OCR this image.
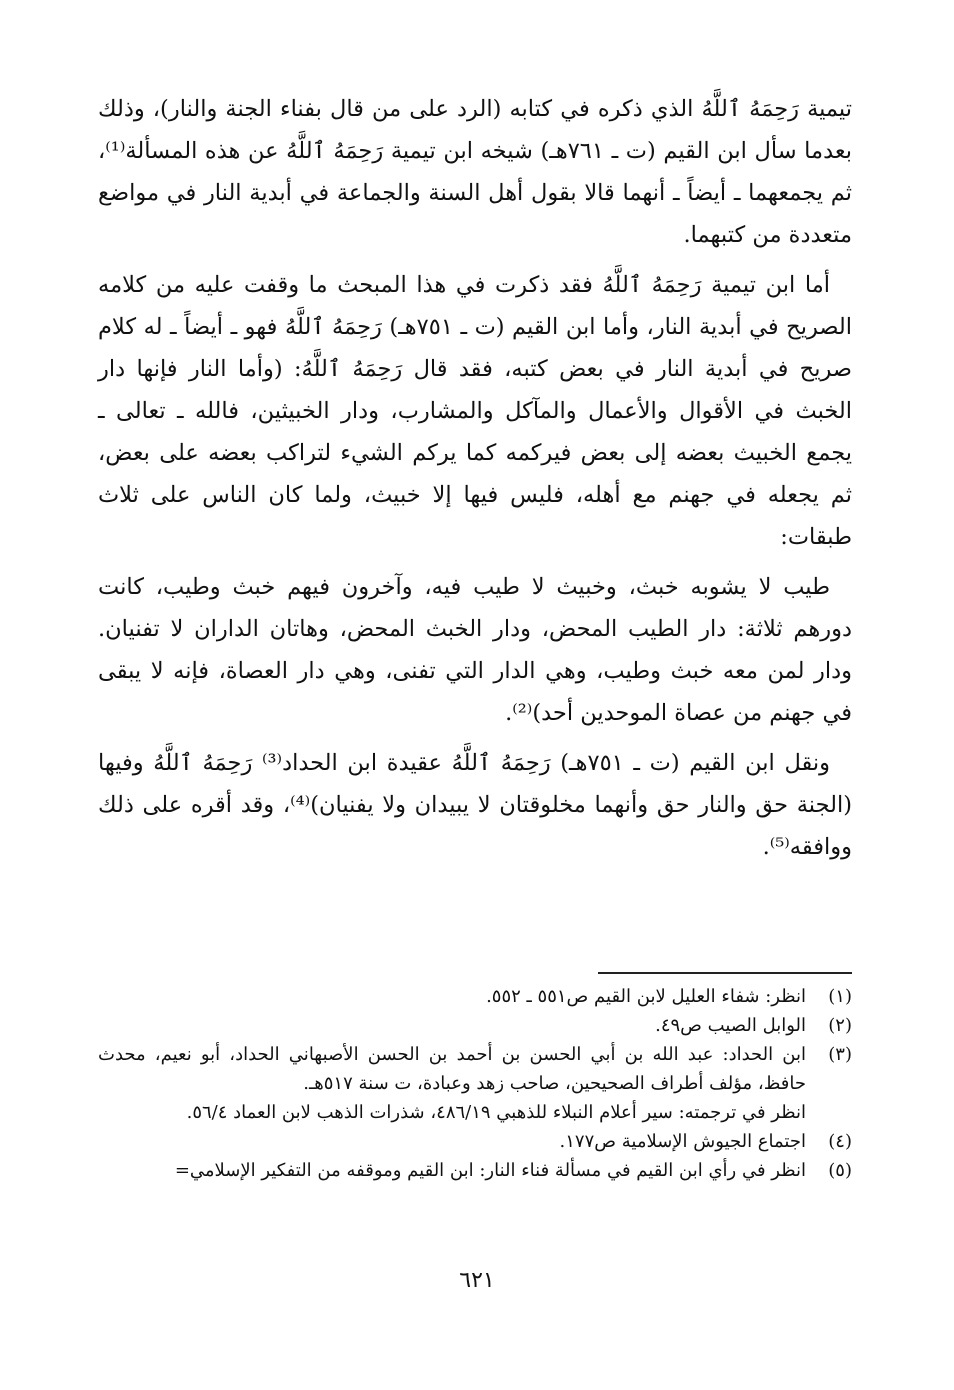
تيمية رَحِمَهُ ٱللَّهُ الذي ذكره في كتابه (الرد على من قال بفناء الجنة والنار)، وذلك بعدما سأل ابن القيم (ت ـ ٧٦١هـ) شيخه ابن تيمية رَحِمَهُ ٱللَّهُ عن هذه المسألة⁽¹⁾، ثم يجمعهما ـ أيضاً ـ أنهما قالا بقول أهل السنة والجماعة في أبدية النار في مواضع متعددة من كتبهما.

أما ابن تيمية رَحِمَهُ ٱللَّهُ فقد ذكرت في هذا المبحث ما وقفت عليه من كلامه الصريح في أبدية النار، وأما ابن القيم (ت ـ ٧٥١هـ) رَحِمَهُ ٱللَّهُ فهو ـ أيضاً ـ له كلام صريح في أبدية النار في بعض كتبه، فقد قال رَحِمَهُ ٱللَّهُ: (وأما النار فإنها دار الخبث في الأقوال والأعمال والمآكل والمشارب، ودار الخبيثين، فالله ـ تعالى ـ يجمع الخبيث بعضه إلى بعض فيركمه كما يركم الشيء لتراكب بعضه على بعض، ثم يجعله في جهنم مع أهله، فليس فيها إلا خبيث، ولما كان الناس على ثلاث طبقات:

طيب لا يشوبه خبث، وخبيث لا طيب فيه، وآخرون فيهم خبث وطيب، كانت دورهم ثلاثة: دار الطيب المحض، ودار الخبث المحض، وهاتان الداران لا تفنيان. ودار لمن معه خبث وطيب، وهي الدار التي تفنى، وهي دار العصاة، فإنه لا يبقى في جهنم من عصاة الموحدين أحد)⁽²⁾.

ونقل ابن القيم (ت ـ ٧٥١هـ) رَحِمَهُ ٱللَّهُ عقيدة ابن الحداد⁽³⁾ رَحِمَهُ ٱللَّهُ وفيها (الجنة حق والنار حق وأنهما مخلوقتان لا يبيدان ولا يفنيان)⁽⁴⁾، وقد أقره على ذلك ووافقه⁽⁵⁾.

(١)
انظر: شفاء العليل لابن القيم ص٥٥١ ـ ٥٥٢.
(٢)
الوابل الصيب ص٤٩.
(٣)
ابن الحداد: عبد الله بن أبي الحسن بن أحمد بن الحسن الأصبهاني الحداد، أبو نعيم، محدث حافظ، مؤلف أطراف الصحيحين، صاحب زهد وعبادة، ت سنة ٥١٧هـ.
انظر في ترجمته: سير أعلام النبلاء للذهبي ٤٨٦/١٩، شذرات الذهب لابن العماد ٥٦/٤.
(٤)
اجتماع الجيوش الإسلامية ص١٧٧.
(٥)
انظر في رأي ابن القيم في مسألة فناء النار: ابن القيم وموقفه من التفكير الإسلامي=
٦٢١
